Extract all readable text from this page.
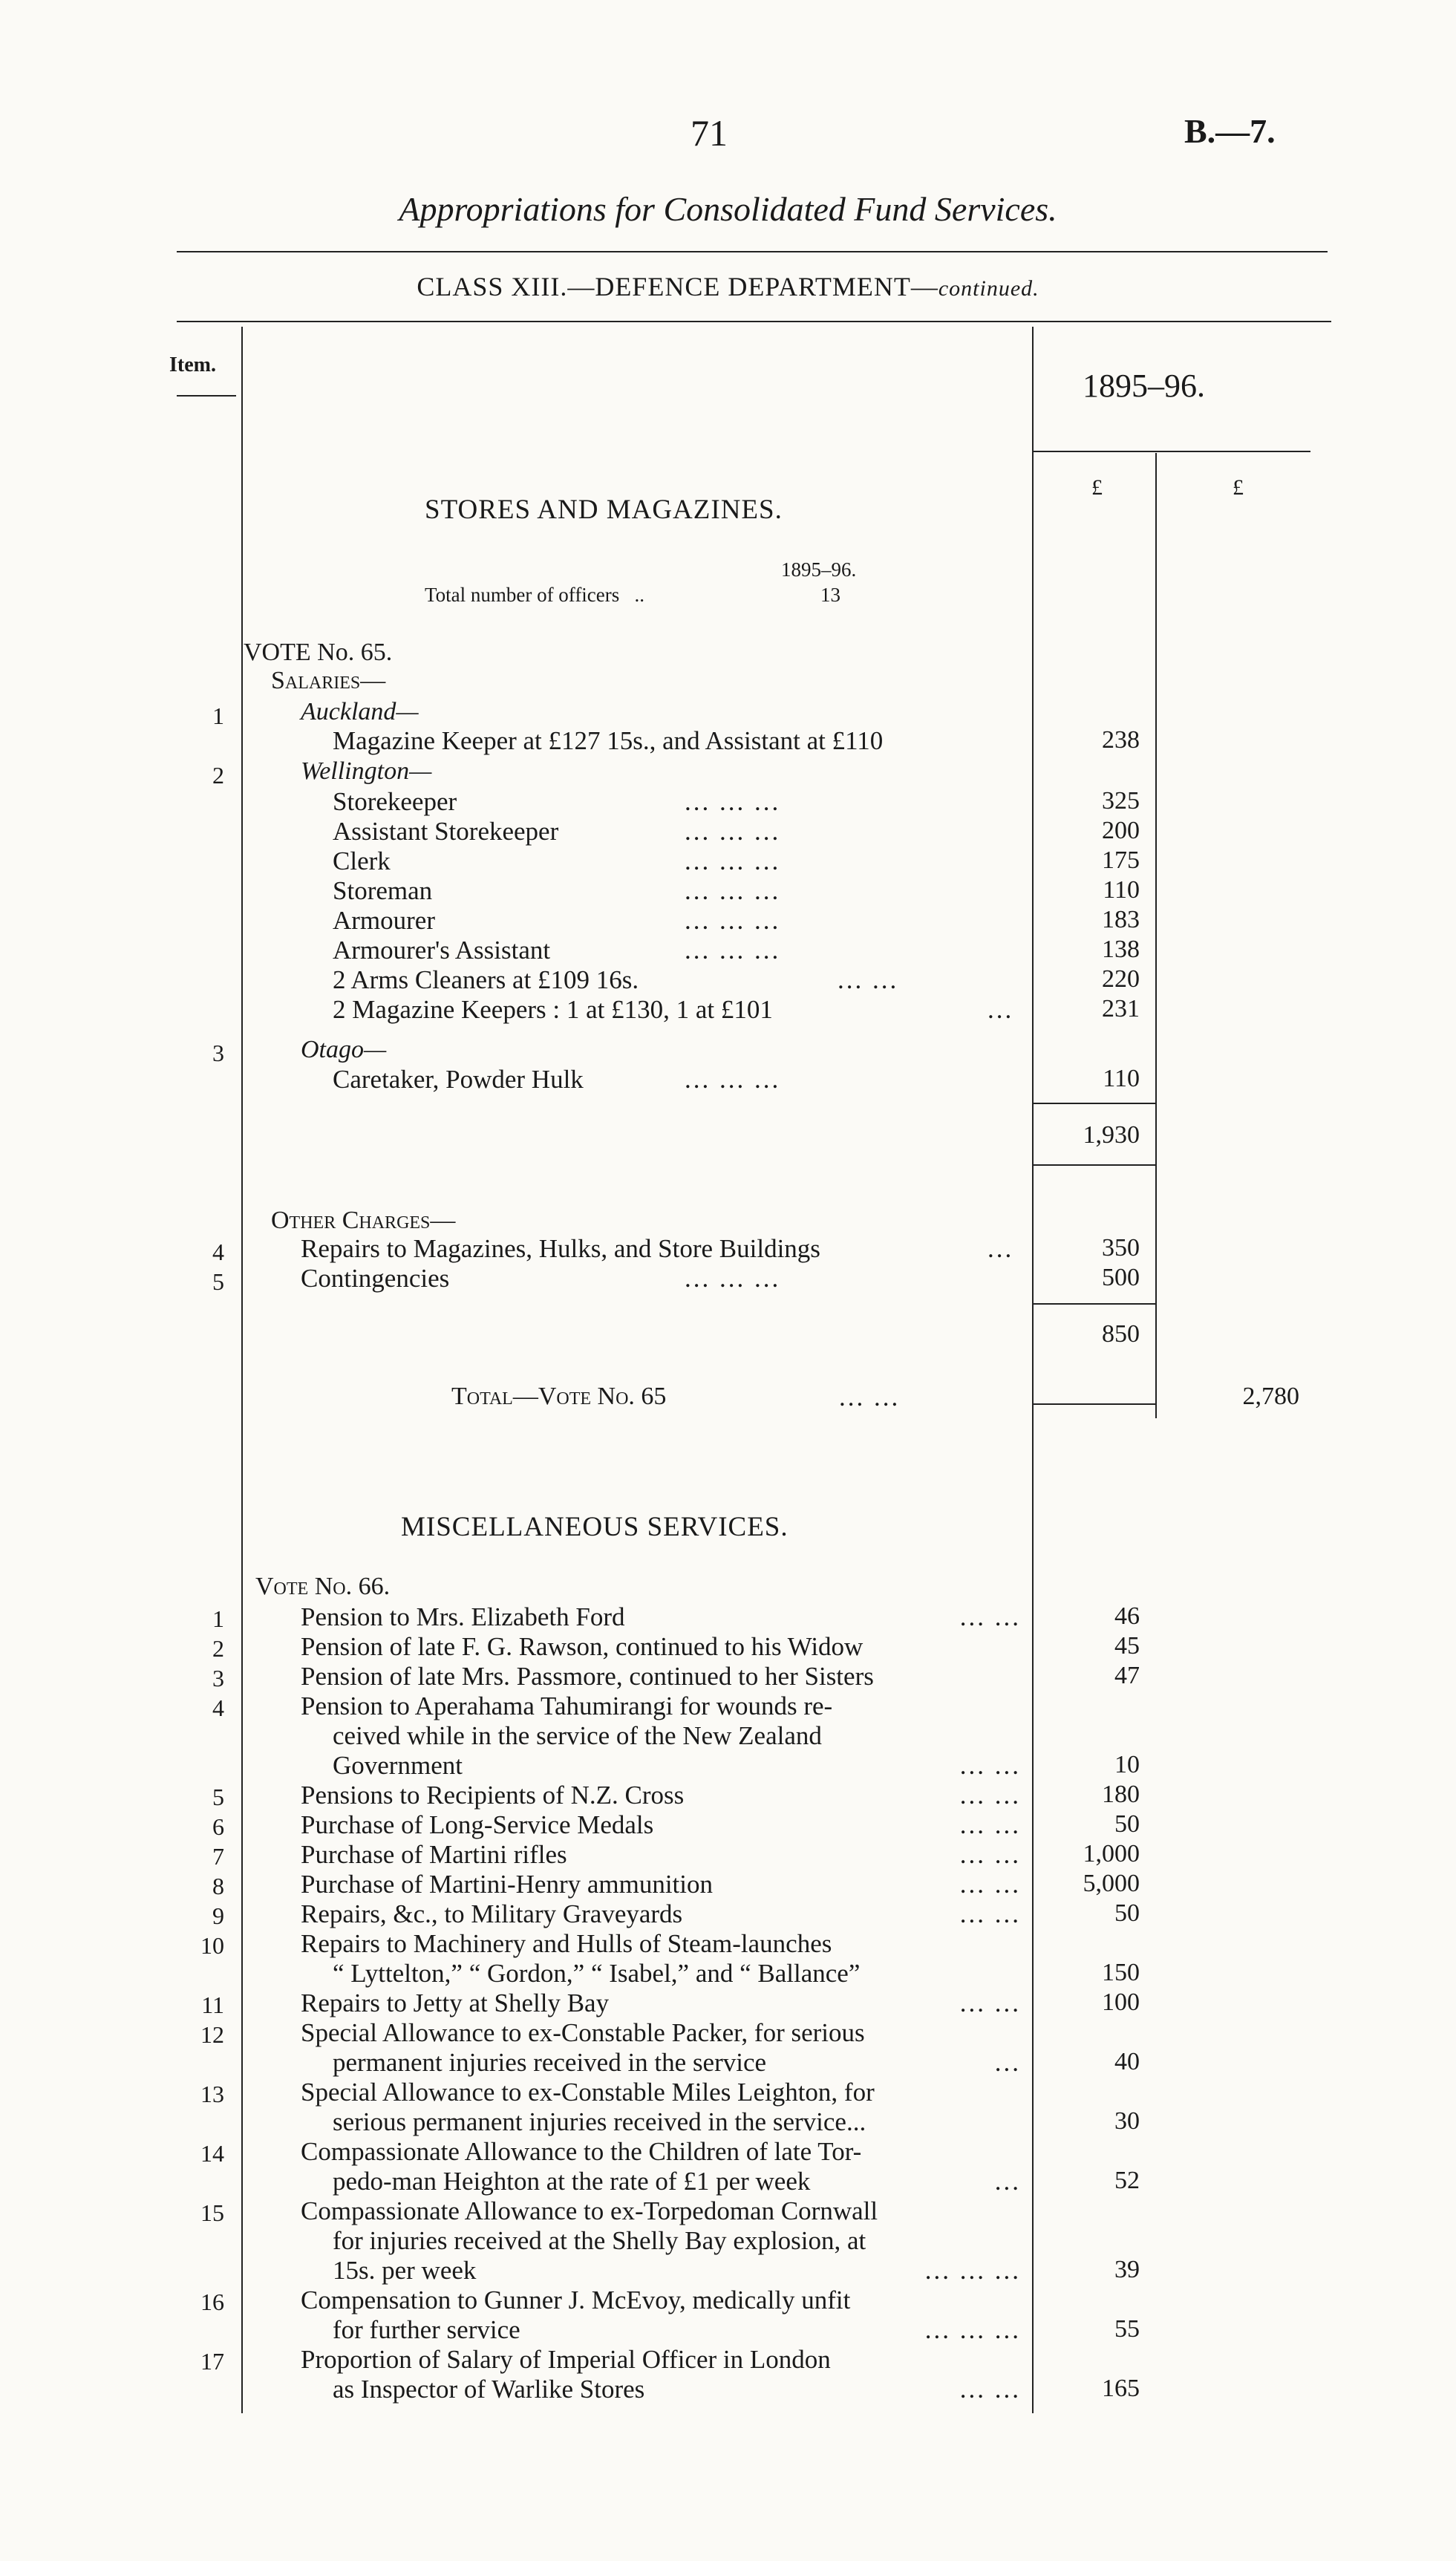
71	B.—7.
Appropriations for Consolidated Fund Services.
CLASS XIII.—DEFENCE DEPARTMENT—continued.
Item.
1895–96.
£	£
STORES AND MAGAZINES.
1895–96.
Total number of officers ..	13
VOTE No. 65.
Salaries—
1	Auckland—
Magazine Keeper at £127 15s., and Assistant at £110	238
2	Wellington—
Storekeeper	... ... ...	325
Assistant Storekeeper	... ... ...	200
Clerk	... ... ...	175
Storeman	... ... ...	110
Armourer	... ... ...	183
Armourer's Assistant	... ... ...	138
2 Arms Cleaners at £109 16s.	... ...	220
2 Magazine Keepers : 1 at £130, 1 at £101	...	231
3	Otago—
Caretaker, Powder Hulk	... ... ...	110
1,930
Other Charges—
4	Repairs to Magazines, Hulks, and Store Buildings	...	350
5	Contingencies	... ... ...	500
850
Total—Vote No. 65	... ...	2,780
MISCELLANEOUS SERVICES.
Vote No. 66.
1	Pension to Mrs. Elizabeth Ford	... ...	46
2	Pension of late F. G. Rawson, continued to his Widow	45
3	Pension of late Mrs. Passmore, continued to her Sisters	47
4	Pension to Aperahama Tahumirangi for wounds re-
ceived while in the service of the New Zealand
Government	... ...	10
5	Pensions to Recipients of N.Z. Cross	... ...	180
6	Purchase of Long-Service Medals	... ...	50
7	Purchase of Martini rifles	... ...	1,000
8	Purchase of Martini-Henry ammunition	... ...	5,000
9	Repairs, &c., to Military Graveyards	... ...	50
10	Repairs to Machinery and Hulls of Steam-launches
“ Lyttelton,” “ Gordon,” “ Isabel,” and “ Ballance”	150
11	Repairs to Jetty at Shelly Bay	... ...	100
12	Special Allowance to ex-Constable Packer, for serious
permanent injuries received in the service	...	40
13	Special Allowance to ex-Constable Miles Leighton, for
serious permanent injuries received in the service...	30
14	Compassionate Allowance to the Children of late Tor-
pedo-man Heighton at the rate of £1 per week	...	52
15	Compassionate Allowance to ex-Torpedoman Cornwall
for injuries received at the Shelly Bay explosion, at
15s. per week	... ... ...	39
16	Compensation to Gunner J. McEvoy, medically unfit
for further service	... ... ...	55
17	Proportion of Salary of Imperial Officer in London
as Inspector of Warlike Stores	... ...	165
